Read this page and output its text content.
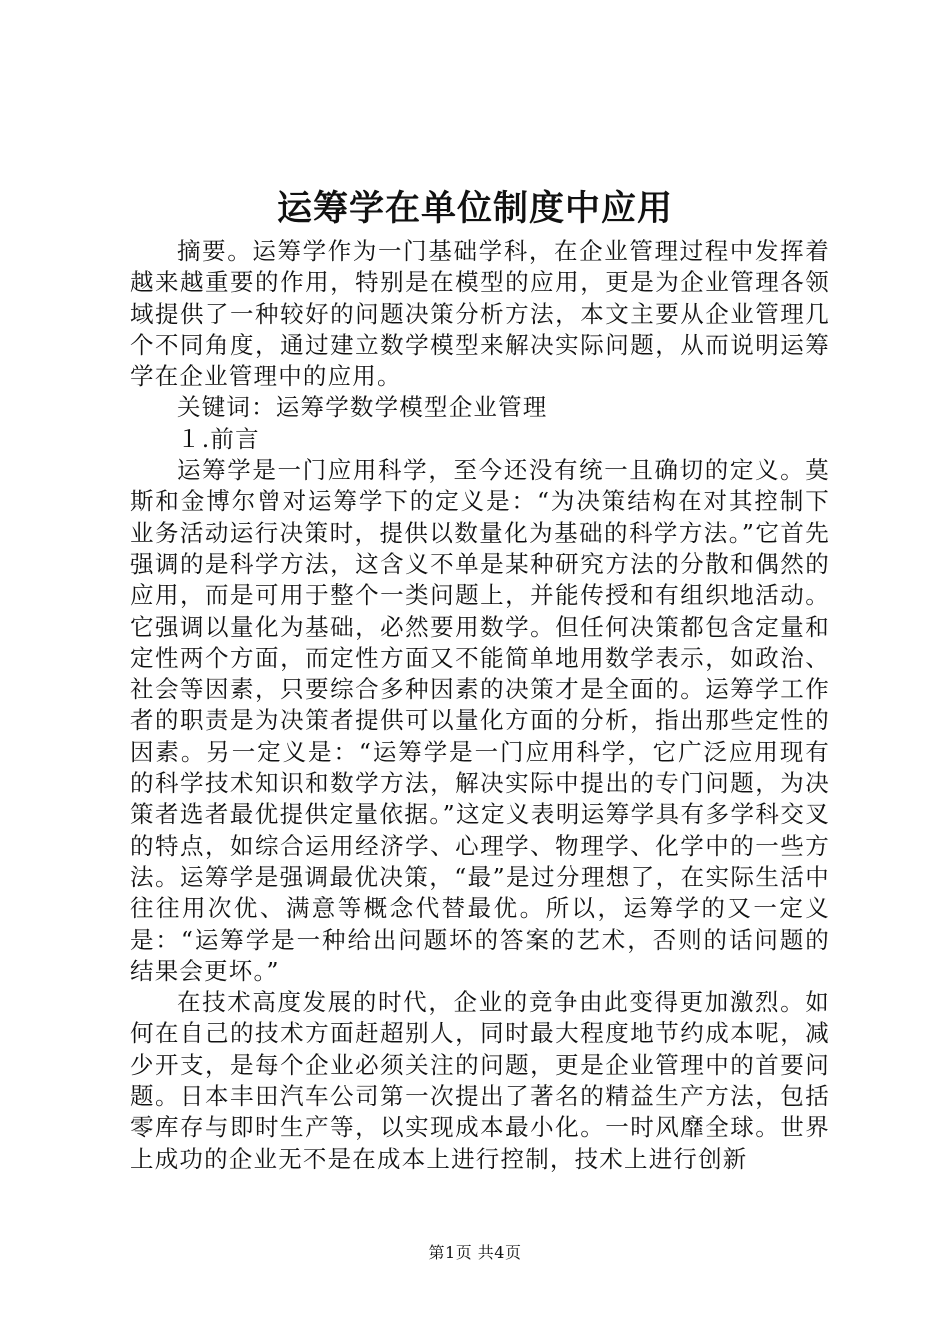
运筹学在单位制度中应用

摘要。运筹学作为一门基础学科，在企业管理过程中发挥着越来越重要的作用，特别是在模型的应用，更是为企业管理各领域提供了一种较好的问题决策分析方法，本文主要从企业管理几个不同角度，通过建立数学模型来解决实际问题，从而说明运筹学在企业管理中的应用。

关键词：运筹学数学模型企业管理

１.前言

运筹学是一门应用科学，至今还没有统一且确切的定义。莫斯和金博尔曾对运筹学下的定义是：“为决策结构在对其控制下业务活动运行决策时，提供以数量化为基础的科学方法。”它首先强调的是科学方法，这含义不单是某种研究方法的分散和偶然的应用，而是可用于整个一类问题上，并能传授和有组织地活动。它强调以量化为基础，必然要用数学。但任何决策都包含定量和定性两个方面，而定性方面又不能简单地用数学表示，如政治、社会等因素，只要综合多种因素的决策才是全面的。运筹学工作者的职责是为决策者提供可以量化方面的分析，指出那些定性的因素。另一定义是：“运筹学是一门应用科学，它广泛应用现有的科学技术知识和数学方法，解决实际中提出的专门问题，为决策者选者最优提供定量依据。”这定义表明运筹学具有多学科交叉的特点，如综合运用经济学、心理学、物理学、化学中的一些方法。运筹学是强调最优决策，“最”是过分理想了，在实际生活中往往用次优、满意等概念代替最优。所以，运筹学的又一定义是：“运筹学是一种给出问题坏的答案的艺术，否则的话问题的结果会更坏。”

在技术高度发展的时代，企业的竞争由此变得更加激烈。如何在自己的技术方面赶超别人，同时最大程度地节约成本呢，减少开支，是每个企业必须关注的问题，更是企业管理中的首要问题。日本丰田汽车公司第一次提出了著名的精益生产方法，包括零库存与即时生产等，以实现成本最小化。一时风靡全球。世界上成功的企业无不是在成本上进行控制，技术上进行创新

第1页 共4页
